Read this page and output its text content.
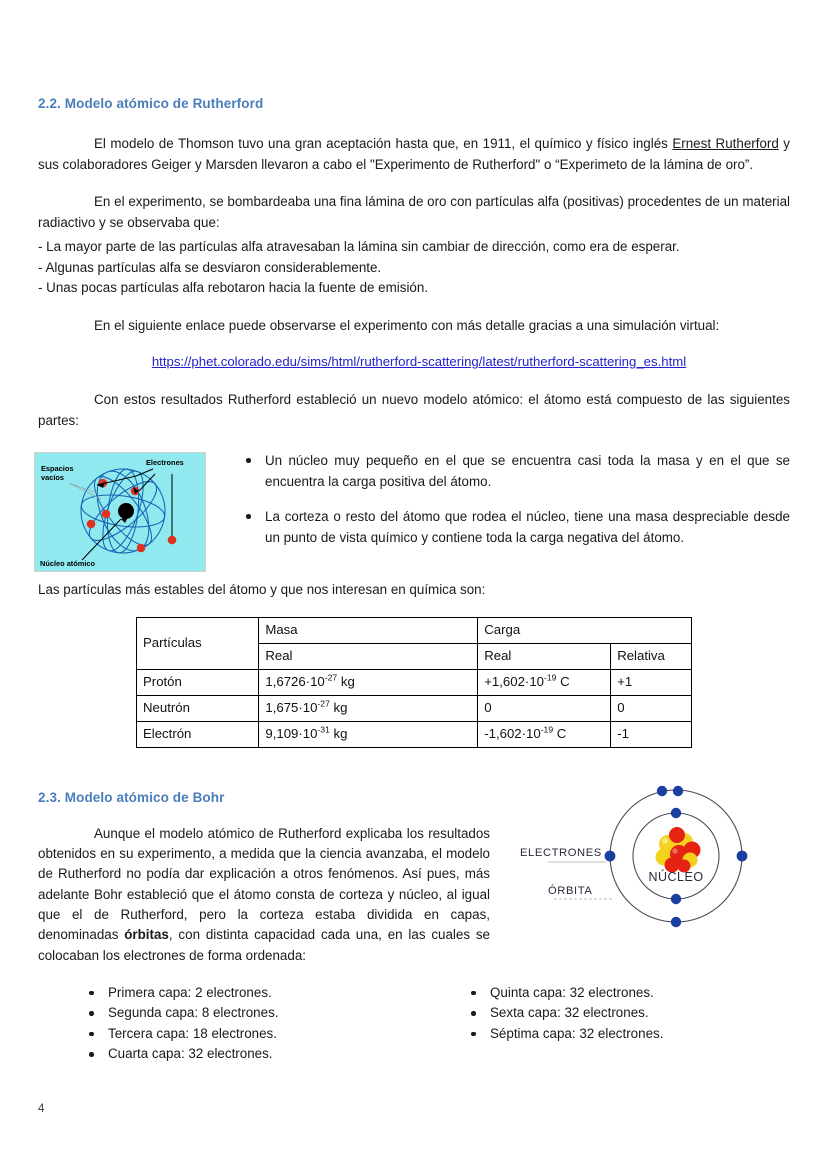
2.2. Modelo atómico de Rutherford

El modelo de Thomson tuvo una gran aceptación hasta que, en 1911, el químico y físico inglés Ernest Rutherford y sus colaboradores Geiger y Marsden llevaron a cabo el "Experimento de Rutherford" o “Experimeto de la lámina de oro”.

En el experimento, se bombardeaba una fina lámina de oro con partículas alfa (positivas) procedentes de un material radiactivo y se observaba que:

- La mayor parte de las partículas alfa atravesaban la lámina sin cambiar de dirección, como era de esperar.
- Algunas partículas alfa se desviaron considerablemente.
- Unas pocas partículas alfa rebotaron hacia la fuente de emisión.

En el siguiente enlace puede observarse el experimento con más detalle gracias a una simulación virtual:

https://phet.colorado.edu/sims/html/rutherford-scattering/latest/rutherford-scattering_es.html

Con estos resultados Rutherford estableció un nuevo modelo atómico: el átomo está compuesto de las siguientes partes:

Espacios
vacíos
Electrones
Núcleo atómico
Un núcleo muy pequeño en el que se encuentra casi toda la masa y en el que se encuentra la carga positiva del átomo.
La corteza o resto del átomo que rodea el núcleo, tiene una masa despreciable desde un punto de vista químico y contiene toda la carga negativa del átomo.

Las partículas más estables del átomo y que nos interesan en química son:

Partículas	Masa	Carga	
	Real	Real	Relativa
Protón	$1,6726\cdot 10^{-27}$ kg	$+1,602\cdot 10^{-19}$ C	+1
Neutrón	$1,675\cdot 10^{-27}$ kg	0	0
Electrón	$9,109\cdot 10^{-31}$ kg	$-1,602\cdot 10^{-19}$ C	-1
NÚCLEO
ELECTRONES
ÓRBITA
2.3. Modelo atómico de Bohr

Aunque el modelo atómico de Rutherford explicaba los resultados obtenidos en su experimento, a medida que la ciencia avanzaba, el modelo de Rutherford no podía dar explicación a otros fenómenos. Así pues, más adelante Bohr estableció que el átomo consta de corteza y núcleo, al igual que el de Rutherford, pero la corteza estaba dividida en capas, denominadas órbitas, con distinta capacidad cada una, en las cuales se colocaban los electrones de forma ordenada:

Primera capa: 2 electrones.
Segunda capa: 8 electrones.
Tercera capa: 18 electrones.
Cuarta capa: 32 electrones.
Quinta capa: 32 electrones.
Sexta capa: 32 electrones.
Séptima capa: 32 electrones.
4
